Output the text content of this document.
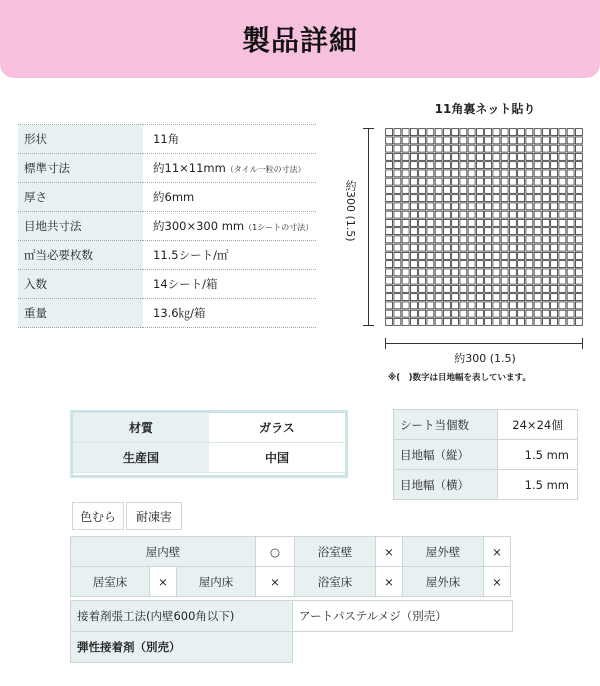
製品詳細
形状	11角
標準寸法	約11×11mm（タイル一粒の寸法）
厚さ	約6mm
目地共寸法	約300×300 mm（1シートの寸法）
㎡当必要枚数	11.5シート/㎡
入数	14シート/箱
重量	13.6㎏/箱
11角裏ネット貼り
約300 (1.5)
約300 (1.5)
※(　)数字は目地幅を表しています。
材質	ガラス
生産国	中国
シート当個数	24×24個
目地幅（縦）	1.5 mm
目地幅（横）	1.5 mm
色むら	耐凍害
屋内壁			○	浴室壁	×	屋外壁	×
居室床	×	屋内床	×	浴室床	×	屋外床	×
接着剤張工法(内壁600角以下)	アートパステルメジ（別売）
弾性接着剤（別売）	
